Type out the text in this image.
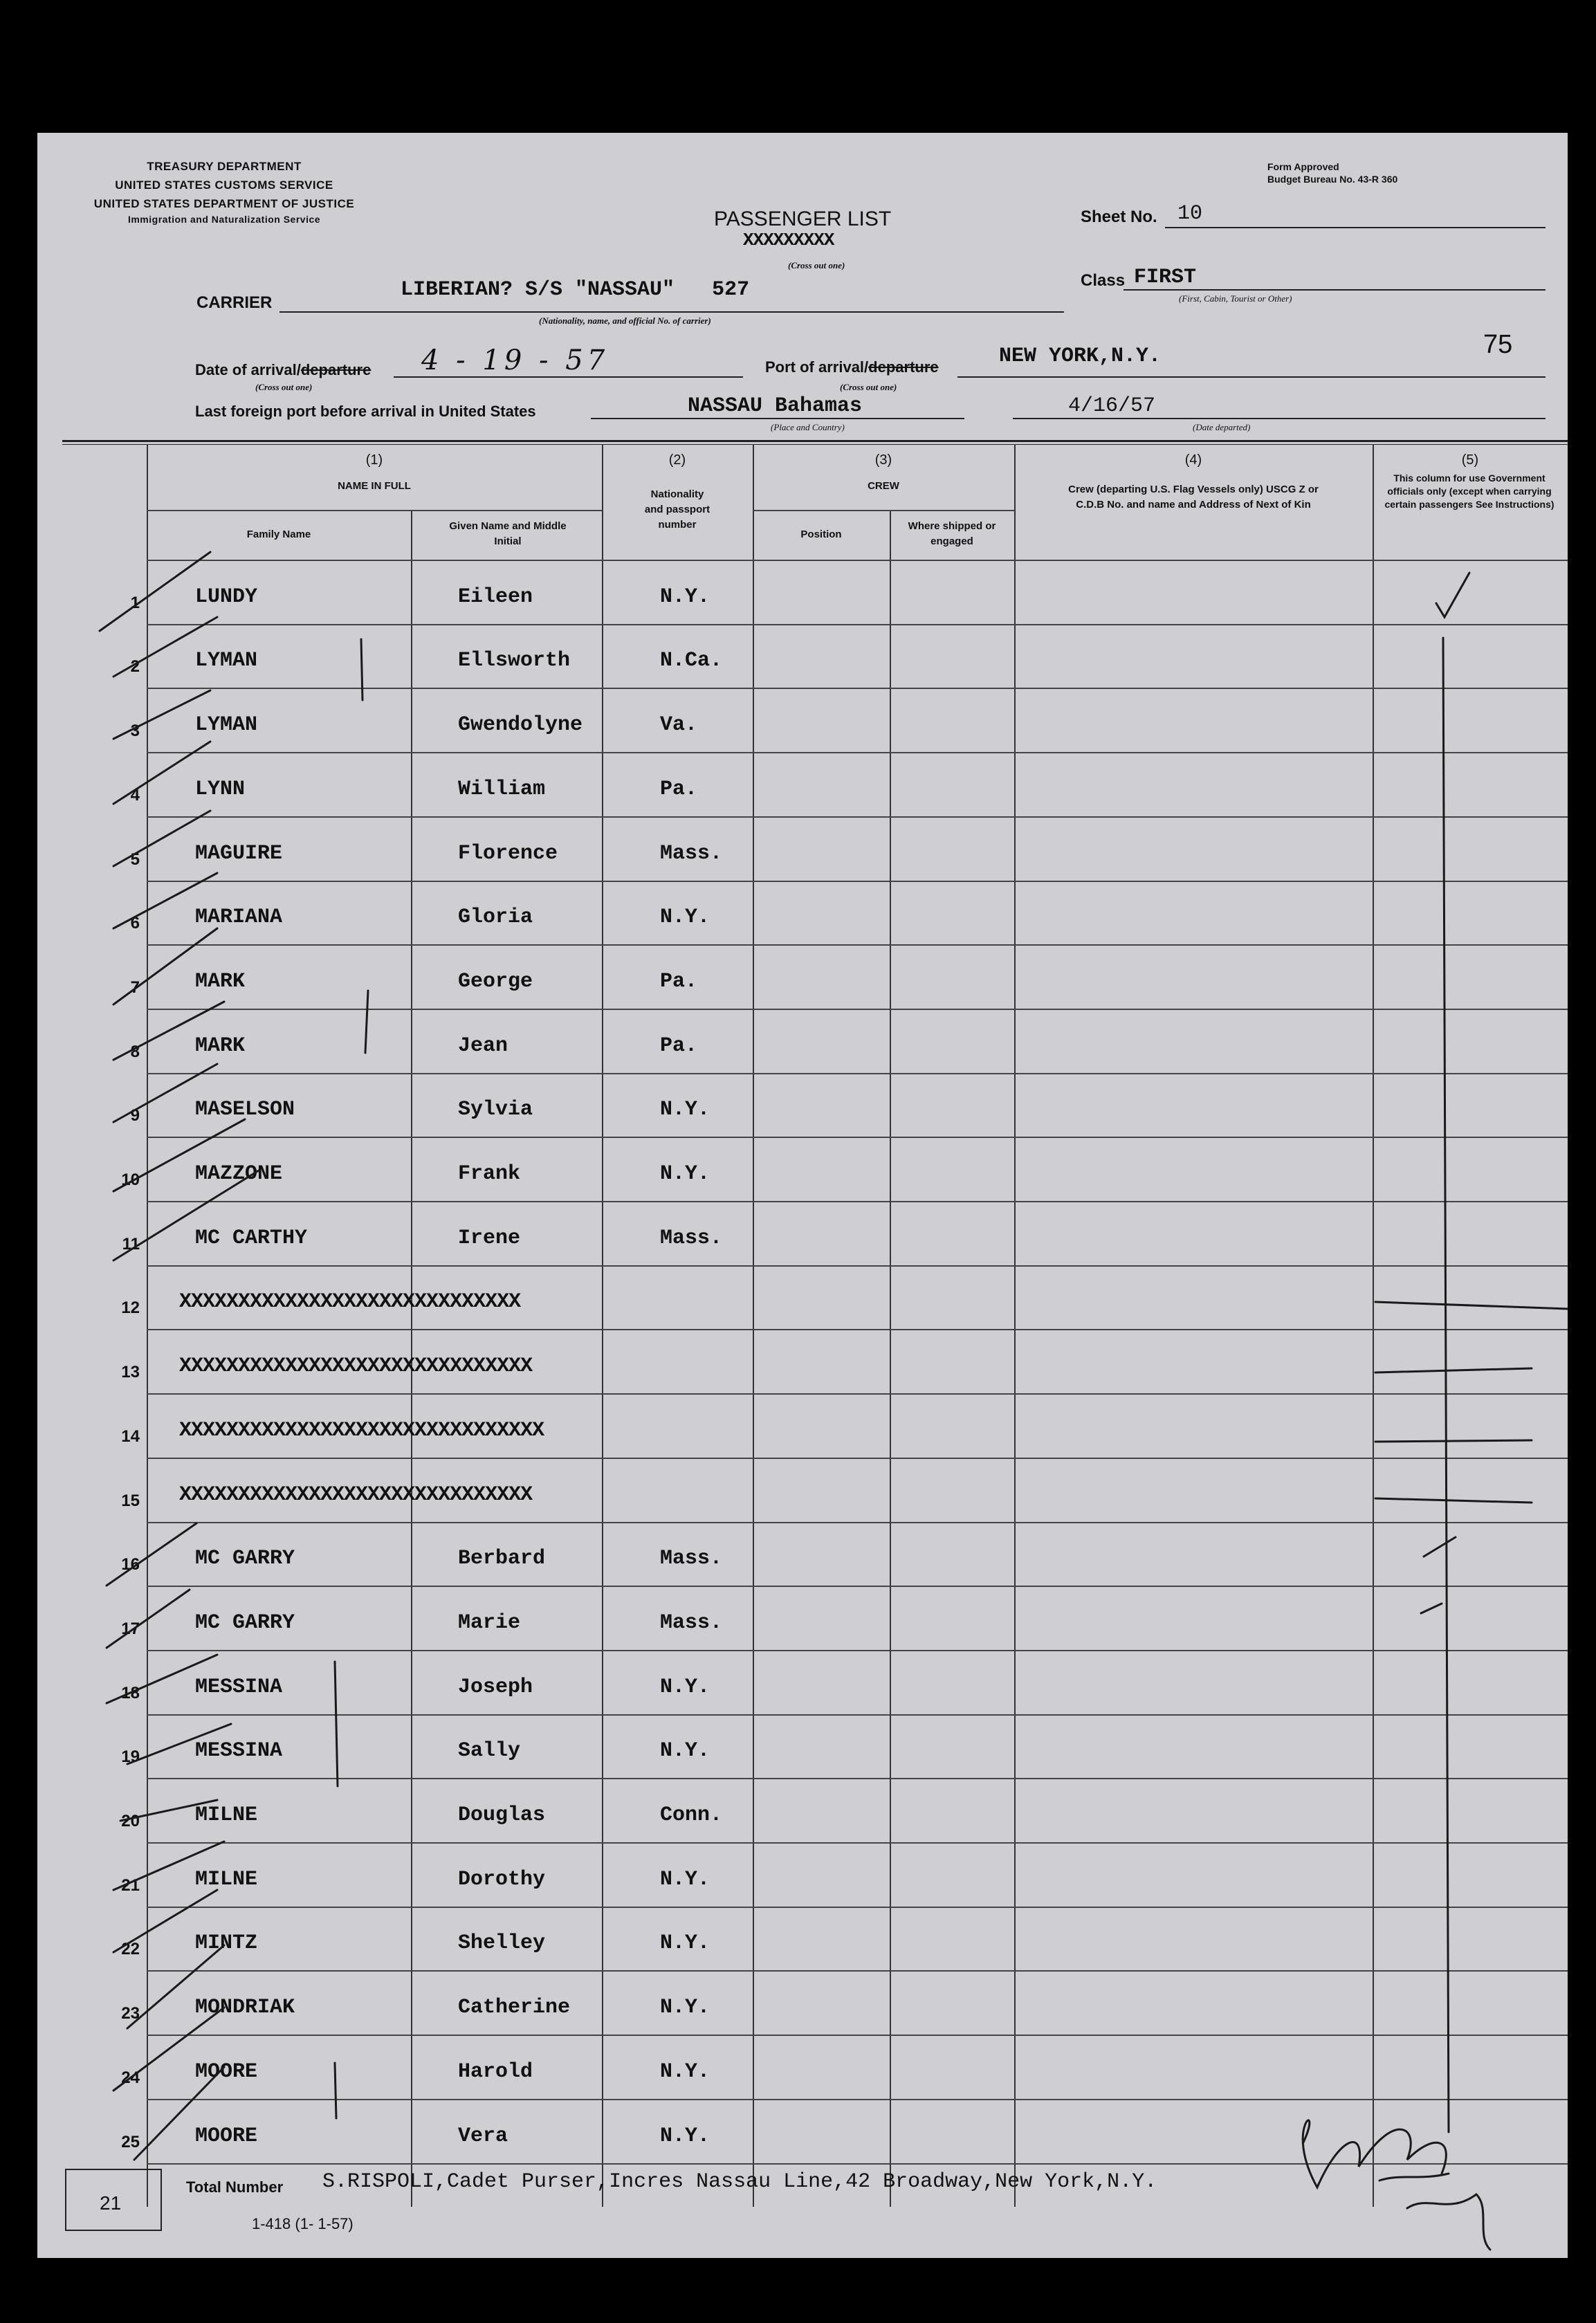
TREASURY DEPARTMENT
UNITED STATES CUSTOMS SERVICE
UNITED STATES DEPARTMENT OF JUSTICE
Immigration and Naturalization Service
Form Approved
Budget Bureau No. 43-R 360
PASSENGER LIST
XXXXXXXXX
(Cross out one)
Sheet No. 10
Class FIRST
(First, Cabin, Tourist or Other)
CARRIER
LIBERIAN? S/S "NASSAU"   527
(Nationality, name, and official No. of carrier)
Date of arrival/departure
(Cross out one)
4 - 19 - 57	Port of arrival/departure
(Cross out one)
NEW YORK,N.Y.	75
Last foreign port before arrival in United States	NASSAU Bahamas
(Place and Country)
4/16/57
(Date departed)
(1)
NAME IN FULL
Family Name
Given Name and Middle Initial
(2)
Nationality and passport number
(3)
CREW
Position
Where shipped or engaged
(4)
Crew (departing U.S. Flag Vessels only) USCG Z or C.D.B No. and name and Address of Next of Kin
(5)
This column for use Government officials only (except when carrying certain passengers See Instructions)
1	LUNDY	Eileen	N.Y.
2	LYMAN	Ellsworth	N.Ca.
3	LYMAN	Gwendolyne	Va.
4	LYNN	William	Pa.
5	MAGUIRE	Florence	Mass.
6	MARIANA	Gloria	N.Y.
7	MARK	George	Pa.
8	MARK	Jean	Pa.
9	MASELSON	Sylvia	N.Y.
10	MAZZONE	Frank	N.Y.
11	MC CARTHY	Irene	Mass.
12 XXXXXXXXXXXXXXXXXXXXXXXXXXXXX
13 XXXXXXXXXXXXXXXXXXXXXXXXXXXXXX
14 XXXXXXXXXXXXXXXXXXXXXXXXXXXXXXX
15 XXXXXXXXXXXXXXXXXXXXXXXXXXXXXX
16	MC GARRY	Berbard	Mass.
17	MC GARRY	Marie	Mass.
18	MESSINA	Joseph	N.Y.
19	MESSINA	Sally	N.Y.
20	MILNE	Douglas	Conn.
21	MILNE	Dorothy	N.Y.
22	MINTZ	Shelley	N.Y.
23	MONDRIAK	Catherine	N.Y.
24	MOORE	Harold	N.Y.
25	MOORE	Vera	N.Y.
21
Total Number S.RISPOLI,Cadet Purser,Incres Nassau Line,42 Broadway,New York,N.Y.
1-418 (1- 1-57)
